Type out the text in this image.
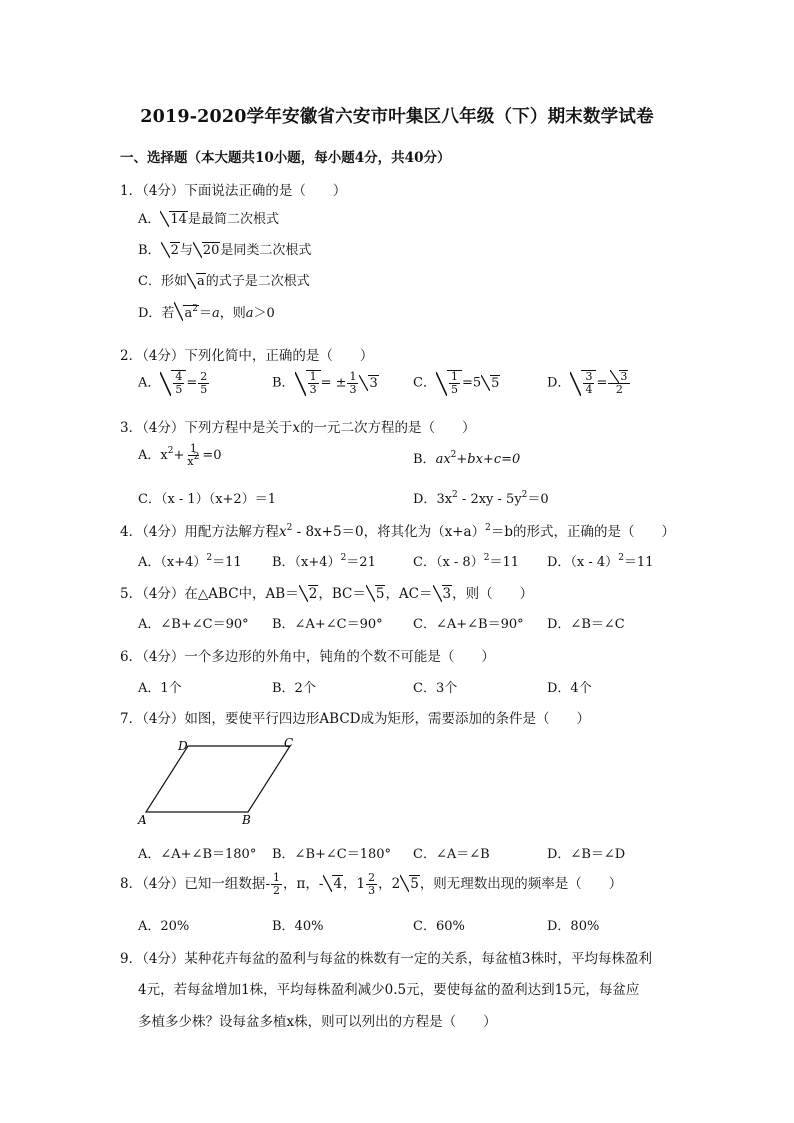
2019-2020学年安徽省六安市叶集区八年级（下）期末数学试卷
一、选择题（本大题共10小题，每小题4分，共40分）
1．（4分）下面说法正确的是（　　）
A． 14是最简二次根式
B． 2与 20是同类二次根式
C．形如 a的式子是二次根式
D．若 $a^2=a$，则a＞0
2．（4分）下列化简中，正确的是（　　）
A． $\frac{4}{5} = \frac{2}{5}$	B． $\frac{1}{3}$ = ± $\frac{1}{3} 3$	C． $\frac{1}{5} =5$ 5	D． $\frac{3}{4} = \frac{3}{2}$
3．（4分）下列方程中是关于x的一元二次方程的是（　　）
A．$x^2+ \frac{1}{x^2} =0$	B．$ax^2+bx+c=0$
C．（x - 1）（x+2）＝1	D．$3x^2 - 2xy - 5y^2=0$
4．（4分）用配方法解方程$x^2 - 8x+5=0$，将其化为$(x+a)^2=b$的形式，正确的是（　　）
A．$(x+4)^2=11$ B．$(x+4)^2=21$	C．（x - 8）$^2$＝11 D．（x - 4）$^2$＝11
5．（4分）在△ABC中，AB＝ 2，BC＝ 5，AC＝ 3，则（　　）
A．∠B+∠C＝90° B．∠A+∠C＝90° C．∠A+∠B＝90° D．∠B＝∠C
6．（4分）一个多边形的外角中，钝角的个数不可能是（　　）
A．1个	B．2个	C．3个	D．4个
7．（4分）如图，要使平行四边形ABCD成为矩形，需要添加的条件是（　　）
D	C
A	B
A．∠A+∠B＝180° B．∠B+∠C＝180° C．∠A＝∠B	D．∠B＝∠D
8．（4分）已知一组数据- $\frac{1}{2}$ ，π，- 4，$1 \frac{2}{3}$ ，2 5，则无理数出现的频率是（　　）
A．20%	B．40%	C．60%	D．80%
9．（4分）某种花卉每盆的盈利与每盆的株数有一定的关系，每盆植3株时，平均每株盈利
4元，若每盆增加1株，平均每株盈利减少0.5元，要使每盆的盈利达到15元，每盆应
多植多少株？设每盆多植x株，则可以列出的方程是（　　）
